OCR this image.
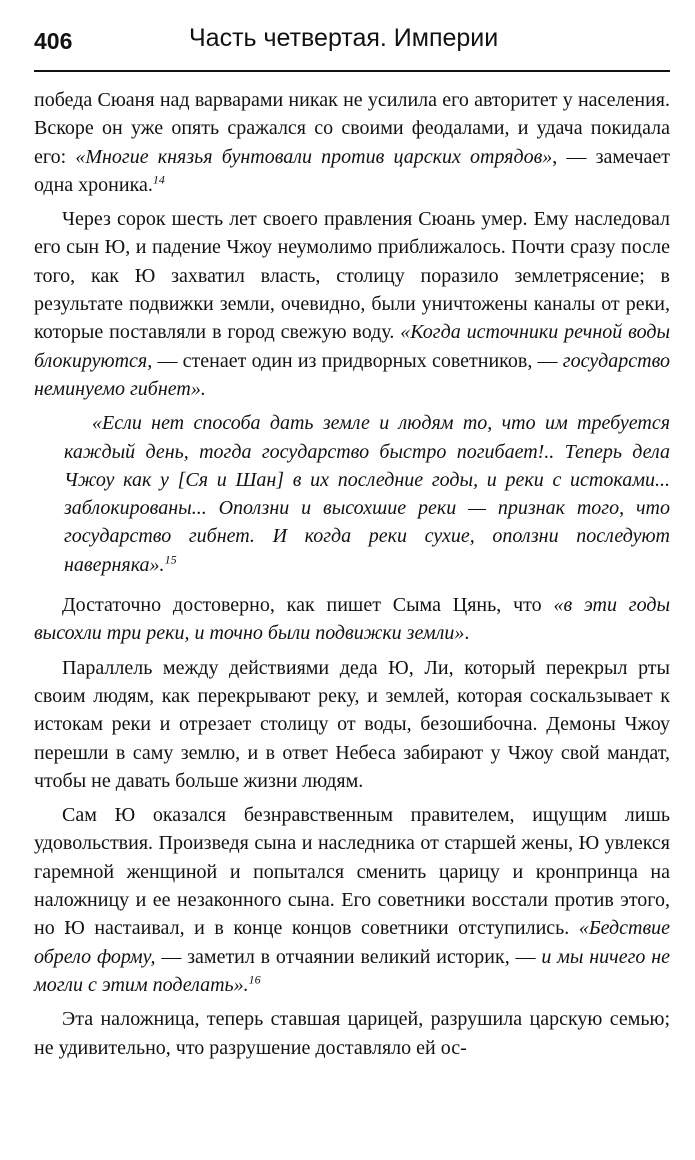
406	Часть четвертая. Империи

победа Сюаня над варварами никак не усилила его авторитет у населения. Вскоре он уже опять сражался со своими феодалами, и удача покидала его: «Многие князья бунтовали против царских отрядов», — замечает одна хроника.$^{14}$

Через сорок шесть лет своего правления Сюань умер. Ему наследовал его сын Ю, и падение Чжоу неумолимо приближалось. Почти сразу после того, как Ю захватил власть, столицу поразило землетрясение; в результате подвижки земли, очевидно, были уничтожены каналы от реки, которые поставляли в город свежую воду. «Когда источники речной воды блокируются, — стенает один из придворных советников, — государство неминуемо гибнет».

«Если нет способа дать земле и людям то, что им требуется каждый день, тогда государство быстро погибает!.. Теперь дела Чжоу как у [Ся и Шан] в их последние годы, и реки с истоками... заблокированы... Оползни и высохшие реки — признак того, что государство гибнет. И когда реки сухие, оползни последуют наверняка».$^{15}$

Достаточно достоверно, как пишет Сыма Цянь, что «в эти годы высохли три реки, и точно были подвижки земли».

Параллель между действиями деда Ю, Ли, который перекрыл рты своим людям, как перекрывают реку, и землей, которая соскальзывает к истокам реки и отрезает столицу от воды, безошибочна. Демоны Чжоу перешли в саму землю, и в ответ Небеса забирают у Чжоу свой мандат, чтобы не давать больше жизни людям.

Сам Ю оказался безнравственным правителем, ищущим лишь удовольствия. Произведя сына и наследника от старшей жены, Ю увлекся гаремной женщиной и попытался сменить царицу и кронпринца на наложницу и ее незаконного сына. Его советники восстали против этого, но Ю настаивал, и в конце концов советники отступились. «Бедствие обрело форму, — заметил в отчаянии великий историк, — и мы ничего не могли с этим поделать».$^{16}$

Эта наложница, теперь ставшая царицей, разрушила царскую семью; не удивительно, что разрушение доставляло ей ос-
